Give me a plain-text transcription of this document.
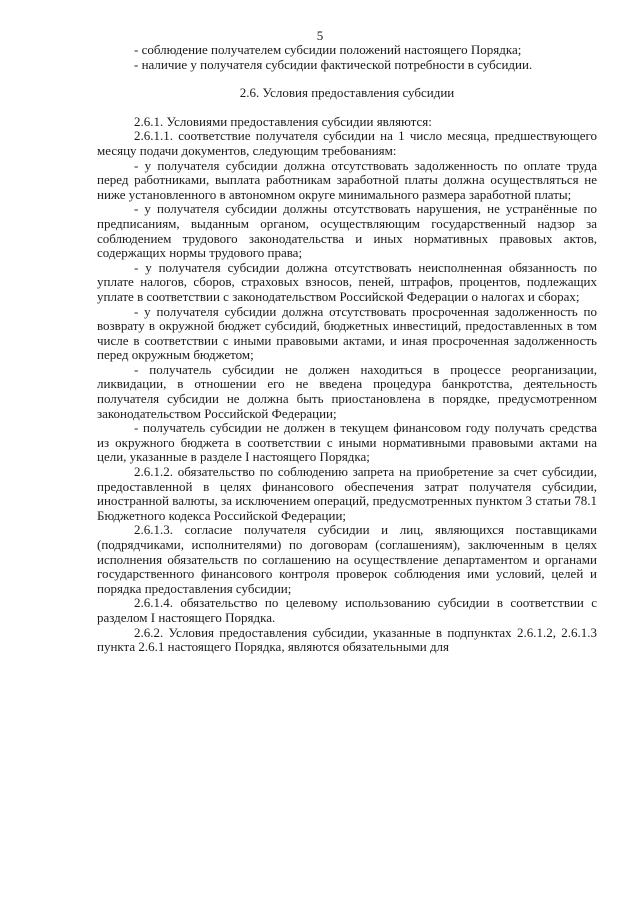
5

- соблюдение получателем субсидии положений настоящего Порядка;

- наличие у получателя субсидии фактической потребности в субсидии.

2.6. Условия предоставления субсидии

2.6.1. Условиями предоставления субсидии являются:

2.6.1.1. соответствие получателя субсидии на 1 число месяца, предшествующего месяцу подачи документов, следующим требованиям:

- у получателя субсидии должна отсутствовать задолженность по оплате труда перед работниками, выплата работникам заработной платы должна осуществляться не ниже установленного в автономном округе минимального размера заработной платы;

- у получателя субсидии должны отсутствовать нарушения, не устранённые по предписаниям, выданным органом, осуществляющим государственный надзор за соблюдением трудового законодательства и иных нормативных правовых актов, содержащих нормы трудового права;

- у получателя субсидии должна отсутствовать неисполненная обязанность по уплате налогов, сборов, страховых взносов, пеней, штрафов, процентов, подлежащих уплате в соответствии с законодательством Российской Федерации о налогах и сборах;

- у получателя субсидии должна отсутствовать просроченная задолженность по возврату в окружной бюджет субсидий, бюджетных инвестиций, предоставленных в том числе в соответствии с иными правовыми актами, и иная просроченная задолженность перед окружным бюджетом;

- получатель субсидии не должен находиться в процессе реорганизации, ликвидации, в отношении его не введена процедура банкротства, деятельность получателя субсидии не должна быть приостановлена в порядке, предусмотренном законодательством Российской Федерации;

- получатель субсидии не должен в текущем финансовом году получать средства из окружного бюджета в соответствии с иными нормативными правовыми актами на цели, указанные в разделе I настоящего Порядка;

2.6.1.2. обязательство по соблюдению запрета на приобретение за счет субсидии, предоставленной в целях финансового обеспечения затрат получателя субсидии, иностранной валюты, за исключением операций, предусмотренных пунктом 3 статьи 78.1 Бюджетного кодекса Российской Федерации;

2.6.1.3. согласие получателя субсидии и лиц, являющихся поставщиками (подрядчиками, исполнителями) по договорам (соглашениям), заключенным в целях исполнения обязательств по соглашению на осуществление департаментом и органами государственного финансового контроля проверок соблюдения ими условий, целей и порядка предоставления субсидии;

2.6.1.4. обязательство по целевому использованию субсидии в соответствии с разделом I настоящего Порядка.

2.6.2. Условия предоставления субсидии, указанные в подпунктах 2.6.1.2, 2.6.1.3 пункта 2.6.1 настоящего Порядка, являются обязательными для
